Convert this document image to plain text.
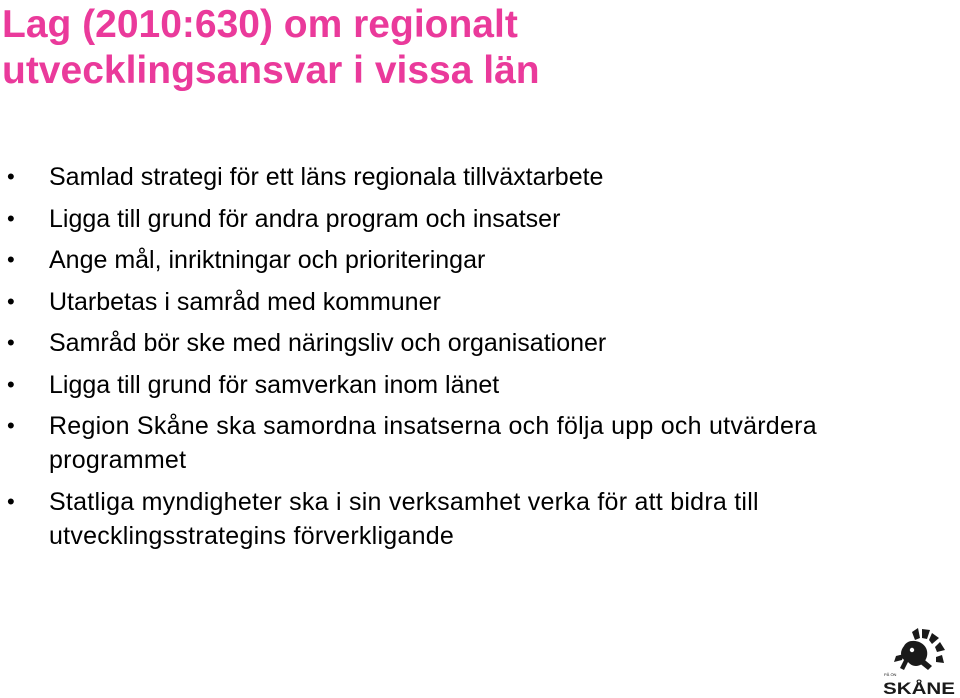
Lag (2010:630) om regionalt
utvecklingsansvar i vissa län
• Samlad strategi för ett läns regionala tillväxtarbete
• Ligga till grund för andra program och insatser
• Ange mål, inriktningar och prioriteringar
• Utarbetas i samråd med kommuner
• Samråd bör ske med näringsliv och organisationer
• Ligga till grund för samverkan inom länet
• Region Skåne ska samordna insatserna och följa upp och utvärdera
programmet
• Statliga myndigheter ska i sin verksamhet verka för att bidra till
utvecklingsstrategins förverkligande
PÅ ÖN
SKÅNE
